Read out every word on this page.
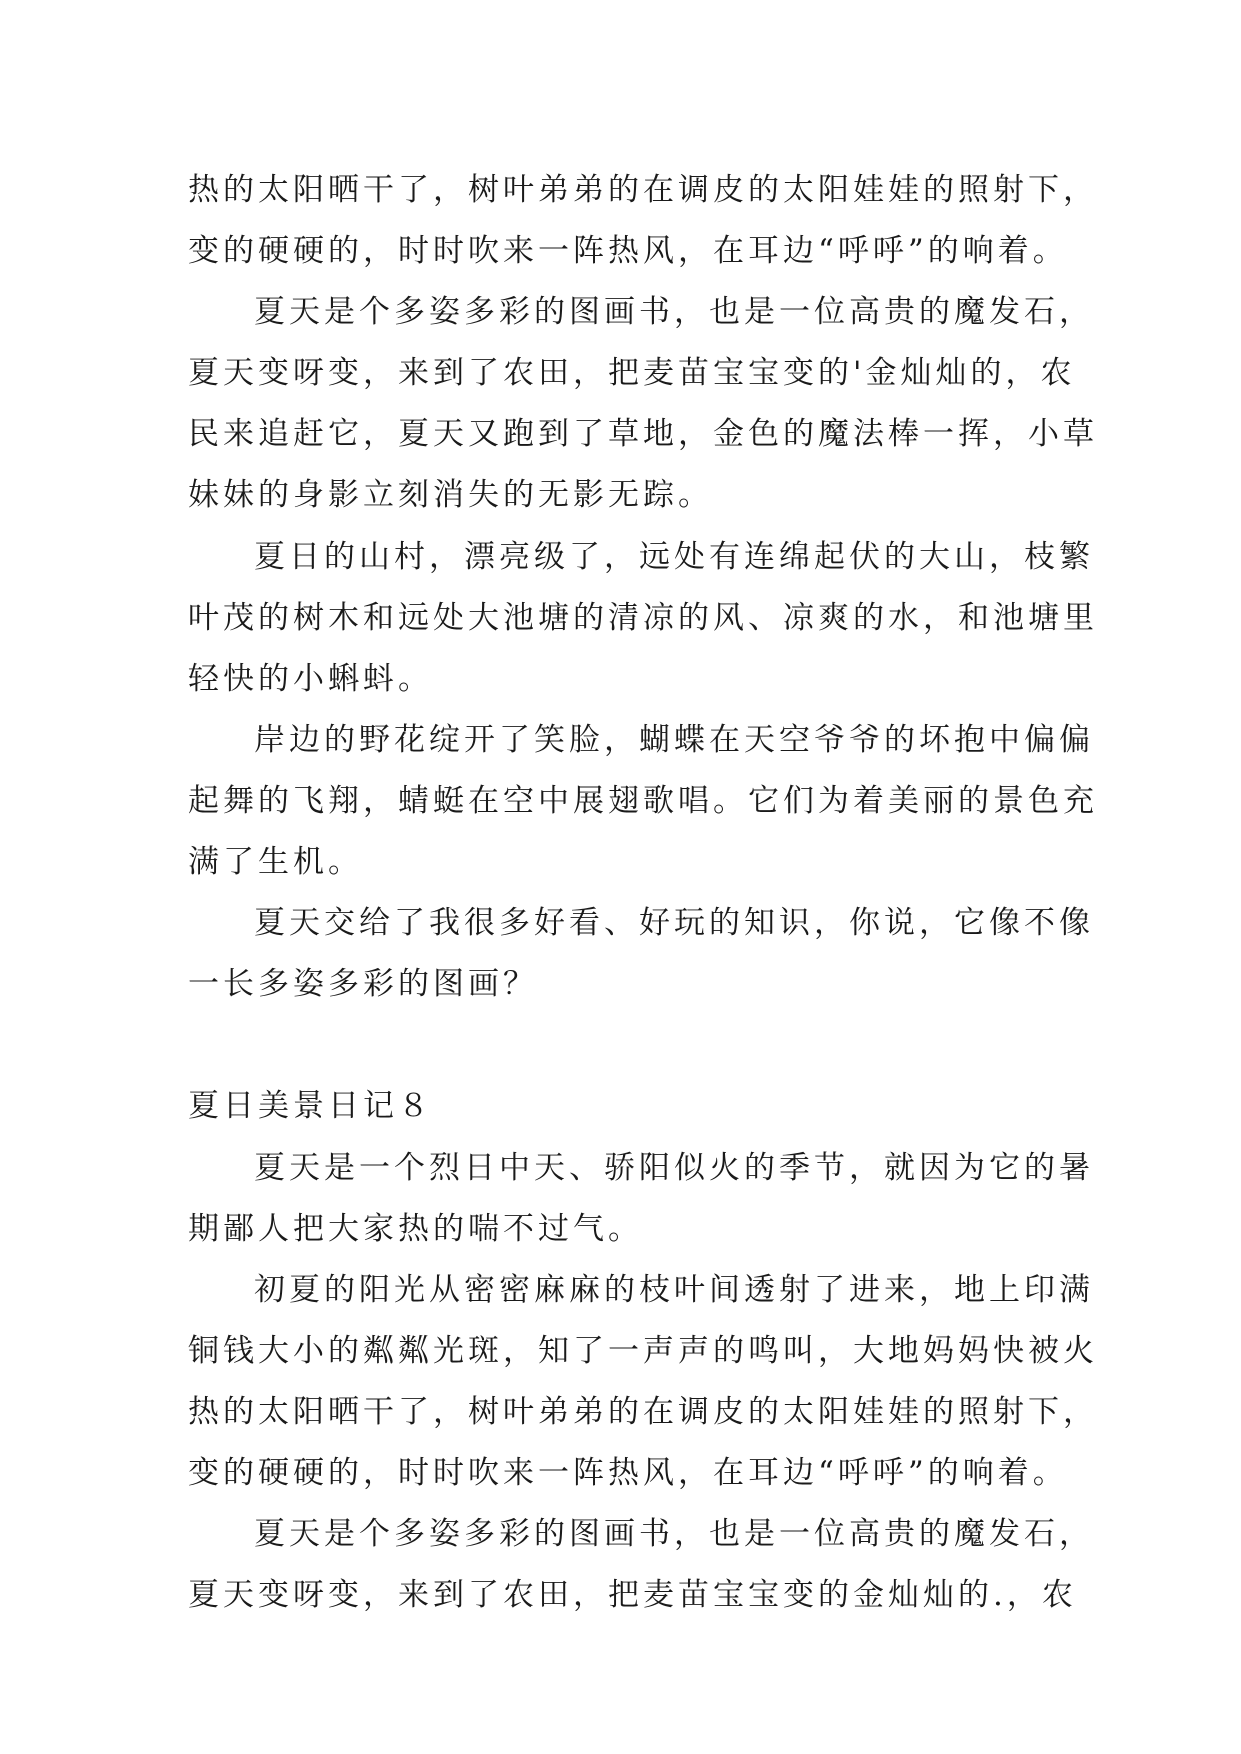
热的太阳晒干了，树叶弟弟的在调皮的太阳娃娃的照射下，
变的硬硬的，时时吹来一阵热风，在耳边“呼呼”的响着。
夏天是个多姿多彩的图画书，也是一位高贵的魔发石，
夏天变呀变，来到了农田，把麦苗宝宝变的'金灿灿的，农
民来追赶它，夏天又跑到了草地，金色的魔法棒一挥，小草
妹妹的身影立刻消失的无影无踪。
夏日的山村，漂亮级了，远处有连绵起伏的大山，枝繁
叶茂的树木和远处大池塘的清凉的风、凉爽的水，和池塘里
轻快的小蝌蚪。
岸边的野花绽开了笑脸，蝴蝶在天空爷爷的坏抱中偏偏
起舞的飞翔，蜻蜓在空中展翅歌唱。它们为着美丽的景色充
满了生机。
夏天交给了我很多好看、好玩的知识，你说，它像不像
一长多姿多彩的图画？
夏日美景日记８
夏天是一个烈日中天、骄阳似火的季节，就因为它的暑
期鄙人把大家热的喘不过气。
初夏的阳光从密密麻麻的枝叶间透射了进来，地上印满
铜钱大小的粼粼光斑，知了一声声的鸣叫，大地妈妈快被火
热的太阳晒干了，树叶弟弟的在调皮的太阳娃娃的照射下，
变的硬硬的，时时吹来一阵热风，在耳边“呼呼”的响着。
夏天是个多姿多彩的图画书，也是一位高贵的魔发石，
夏天变呀变，来到了农田，把麦苗宝宝变的金灿灿的.，农
